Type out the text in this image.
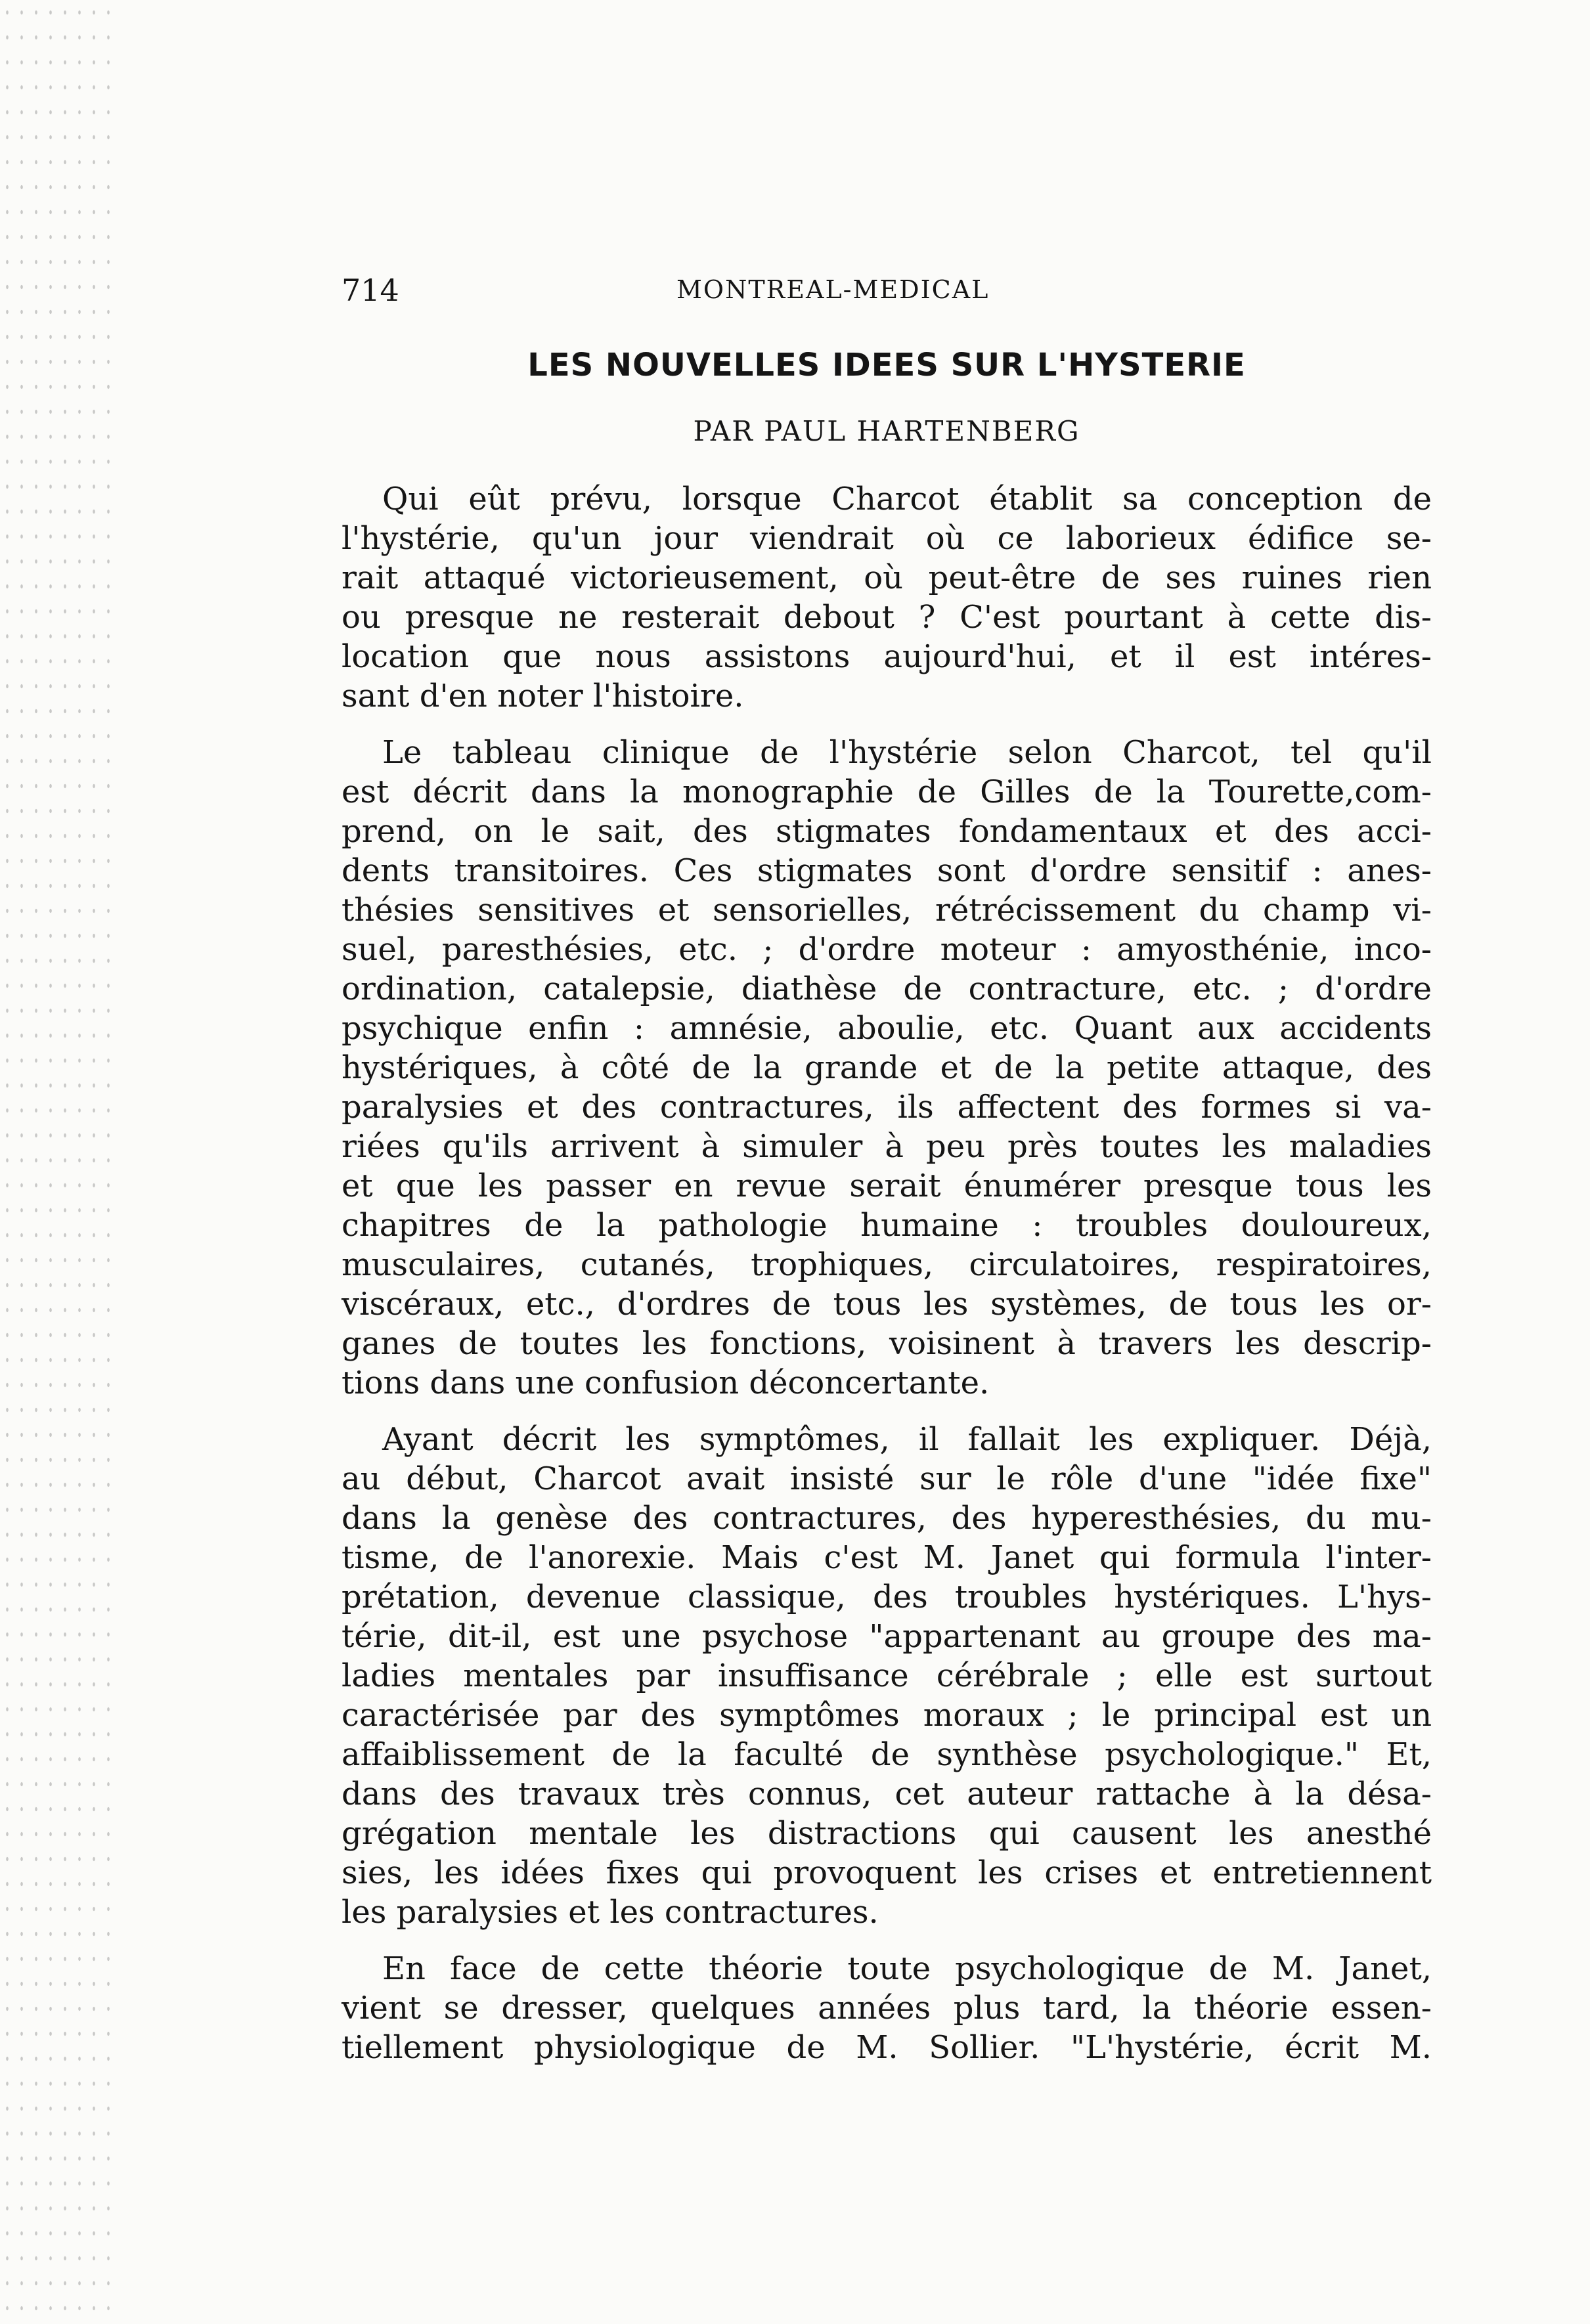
714	MONTREAL-MEDICAL
LES NOUVELLES IDEES SUR L'HYSTERIE
PAR PAUL HARTENBERG
Qui eût prévu, lorsque Charcot établit sa conception de
l'hystérie, qu'un jour viendrait où ce laborieux édifice se-
rait attaqué victorieusement, où peut-être de ses ruines rien
ou presque ne resterait debout ? C'est pourtant à cette dis-
location que nous assistons aujourd'hui, et il est intéres-
sant d'en noter l'histoire.
Le tableau clinique de l'hystérie selon Charcot, tel qu'il
est décrit dans la monographie de Gilles de la Tourette,com-
prend, on le sait, des stigmates fondamentaux et des acci-
dents transitoires. Ces stigmates sont d'ordre sensitif : anes-
thésies sensitives et sensorielles, rétrécissement du champ vi-
suel, paresthésies, etc. ; d'ordre moteur : amyosthénie, inco-
ordination, catalepsie, diathèse de contracture, etc. ; d'ordre
psychique enfin : amnésie, aboulie, etc. Quant aux accidents
hystériques, à côté de la grande et de la petite attaque, des
paralysies et des contractures, ils affectent des formes si va-
riées qu'ils arrivent à simuler à peu près toutes les maladies
et que les passer en revue serait énumérer presque tous les
chapitres de la pathologie humaine : troubles douloureux,
musculaires, cutanés, trophiques, circulatoires, respiratoires,
viscéraux, etc., d'ordres de tous les systèmes, de tous les or-
ganes de toutes les fonctions, voisinent à travers les descrip-
tions dans une confusion déconcertante.
Ayant décrit les symptômes, il fallait les expliquer. Déjà,
au début, Charcot avait insisté sur le rôle d'une "idée fixe"
dans la genèse des contractures, des hyperesthésies, du mu-
tisme, de l'anorexie. Mais c'est M. Janet qui formula l'inter-
prétation, devenue classique, des troubles hystériques. L'hys-
térie, dit-il, est une psychose "appartenant au groupe des ma-
ladies mentales par insuffisance cérébrale ; elle est surtout
caractérisée par des symptômes moraux ; le principal est un
affaiblissement de la faculté de synthèse psychologique." Et,
dans des travaux très connus, cet auteur rattache à la désa-
grégation mentale les distractions qui causent les anesthé
sies, les idées fixes qui provoquent les crises et entretiennent
les paralysies et les contractures.
En face de cette théorie toute psychologique de M. Janet,
vient se dresser, quelques années plus tard, la théorie essen-
tiellement physiologique de M. Sollier. "L'hystérie, écrit M.
